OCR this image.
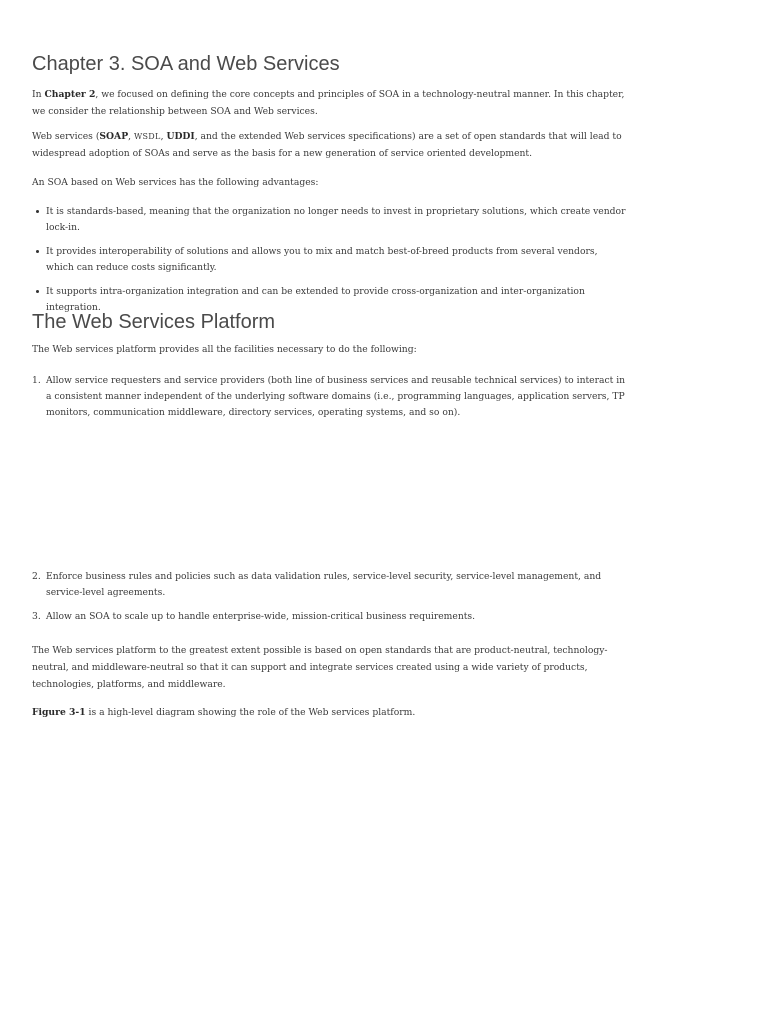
Chapter 3. SOA and Web Services

In Chapter 2, we focused on defining the core concepts and principles of SOA in a technology-neutral manner. In this chapter, we consider the relationship between SOA and Web services.

Web services (SOAP, WSDL, UDDI, and the extended Web services specifications) are a set of open standards that will lead to widespread adoption of SOAs and serve as the basis for a new generation of service oriented development.

An SOA based on Web services has the following advantages:

It is standards-based, meaning that the organization no longer needs to invest in proprietary solutions, which create vendor lock-in.
It provides interoperability of solutions and allows you to mix and match best-of-breed products from several vendors, which can reduce costs significantly.
It supports intra-organization integration and can be extended to provide cross-organization and inter-organization integration.
The Web Services Platform

The Web services platform provides all the facilities necessary to do the following:

1. Allow service requesters and service providers (both line of business services and reusable technical services) to interact in a consistent manner independent of the underlying software domains (i.e., programming languages, application servers, TP monitors, communication middleware, directory services, operating systems, and so on).
2. Enforce business rules and policies such as data validation rules, service-level security, service-level management, and service-level agreements.
3. Allow an SOA to scale up to handle enterprise-wide, mission-critical business requirements.

The Web services platform to the greatest extent possible is based on open standards that are product-neutral, technology-neutral, and middleware-neutral so that it can support and integrate services created using a wide variety of products, technologies, platforms, and middleware.

Figure 3-1 is a high-level diagram showing the role of the Web services platform.
